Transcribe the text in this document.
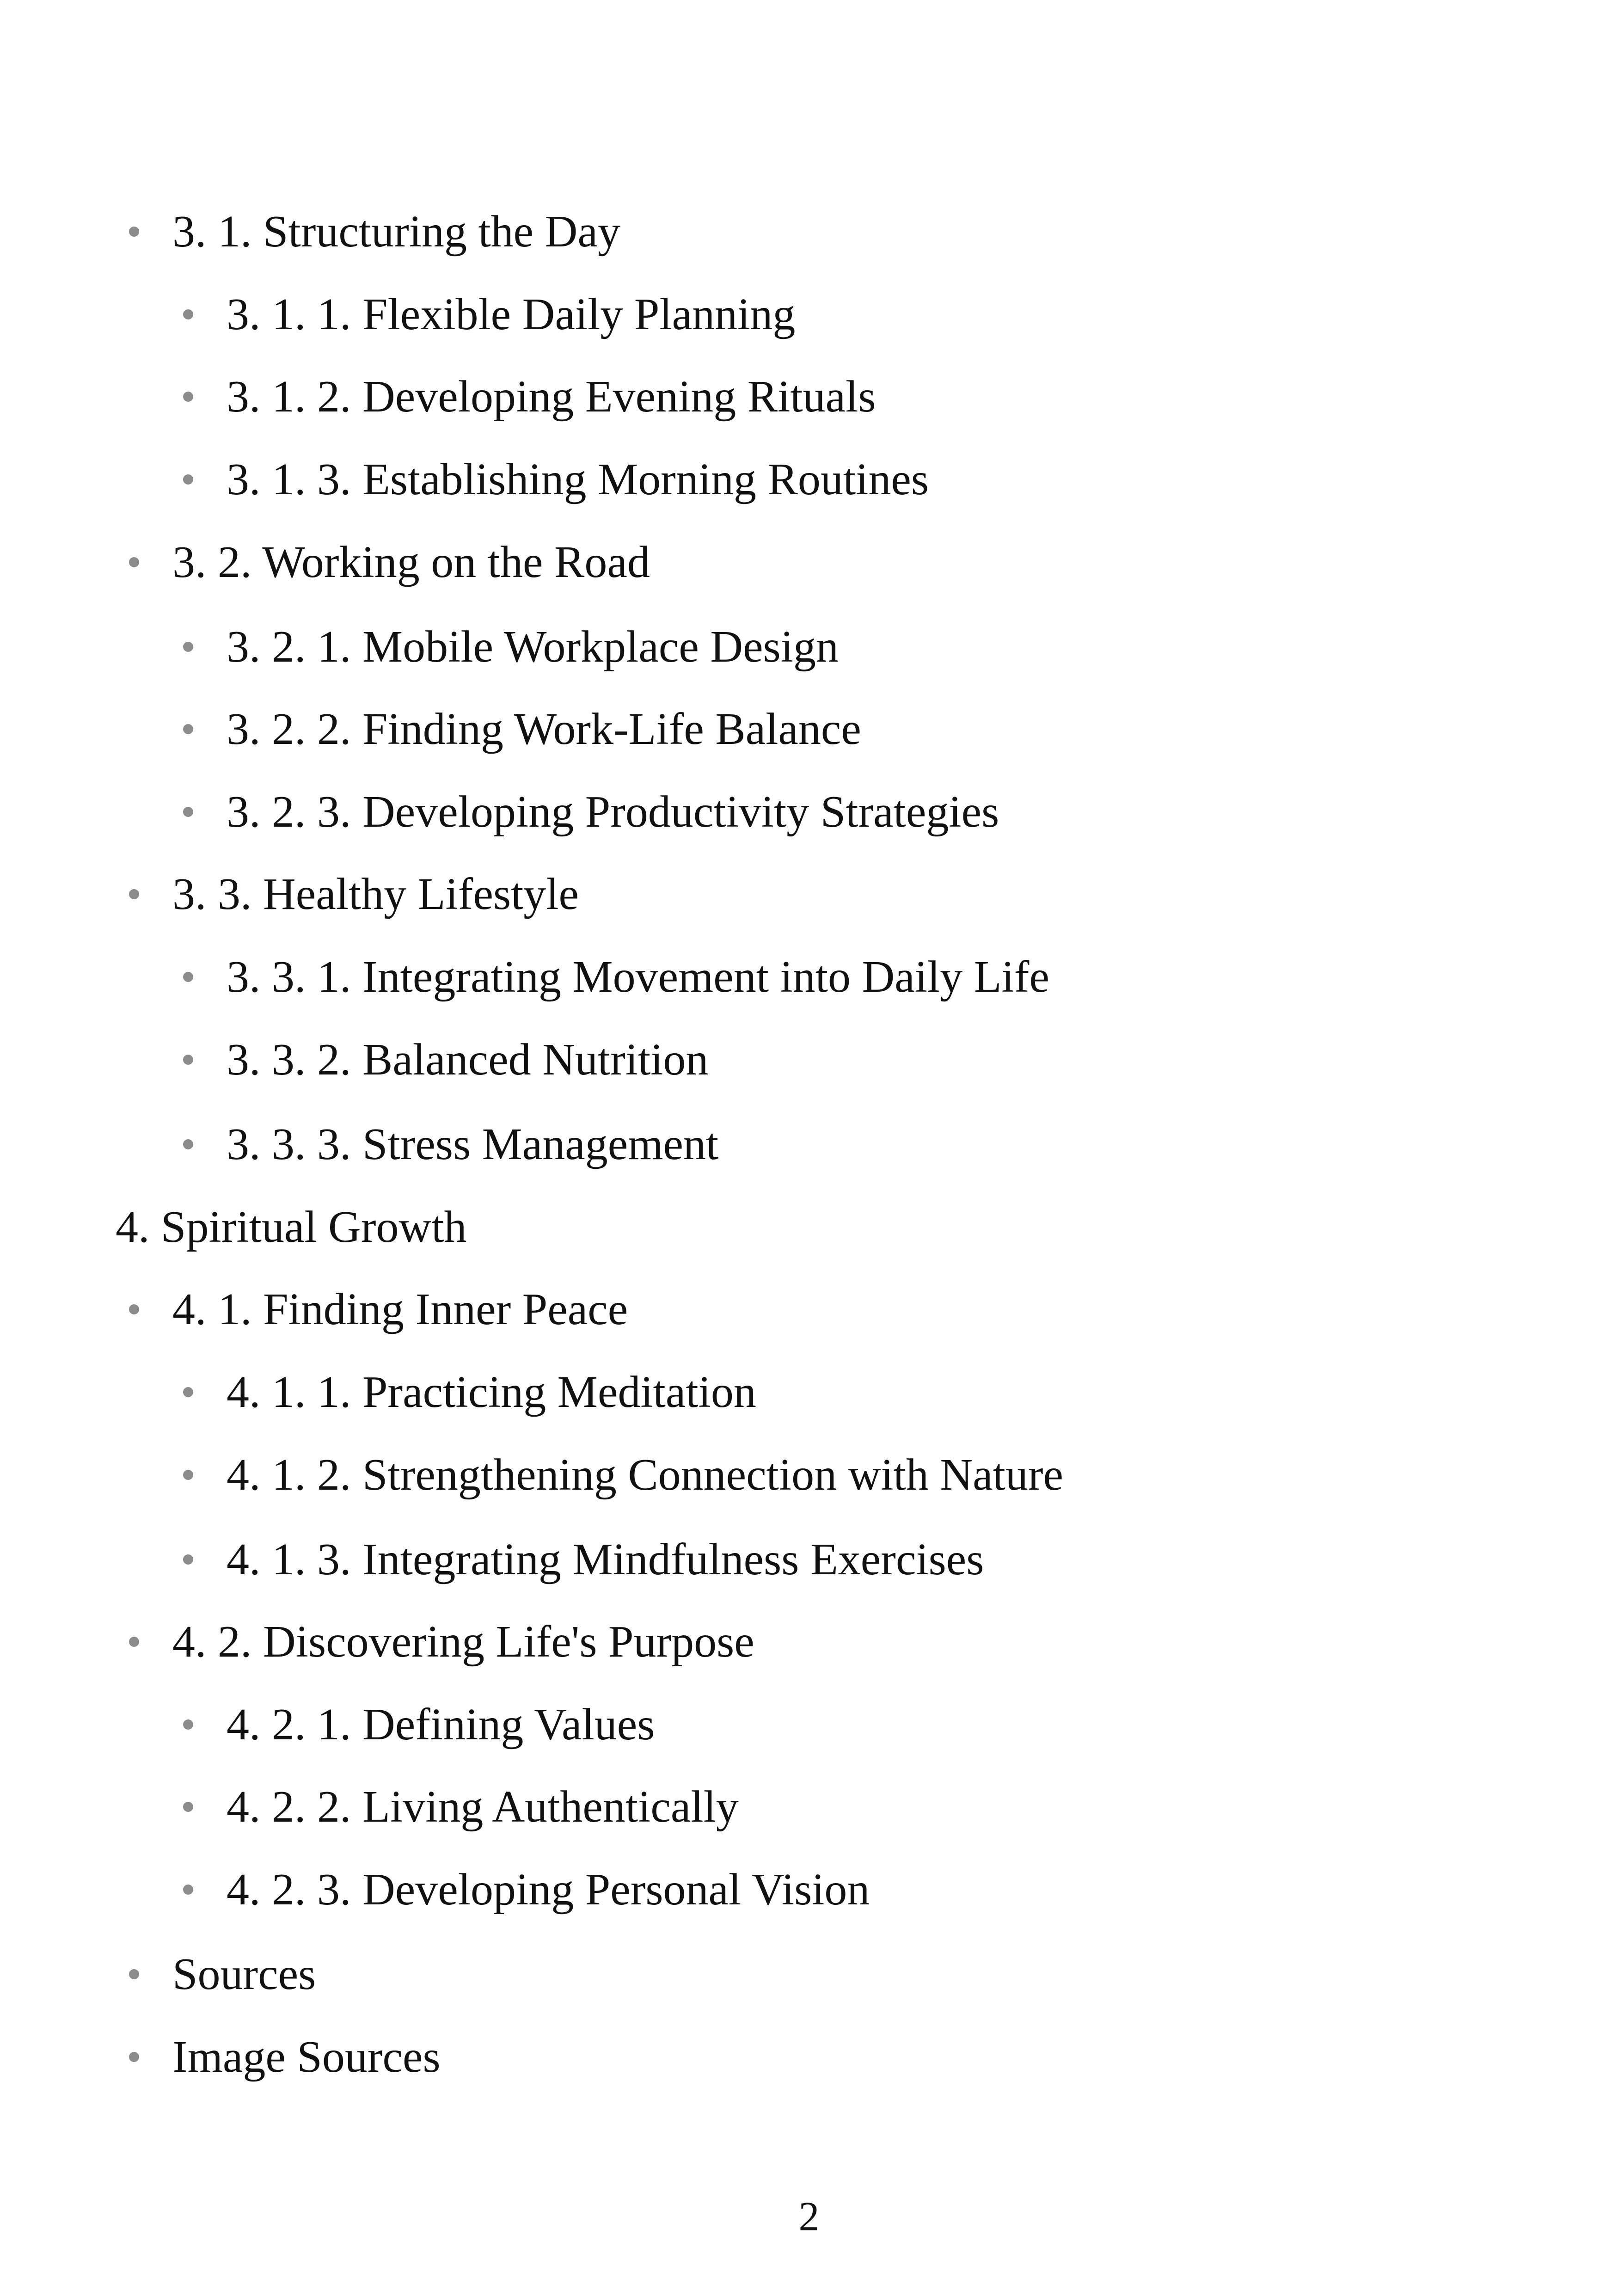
3. 1. Structuring the Day
3. 1. 1. Flexible Daily Planning
3. 1. 2. Developing Evening Rituals
3. 1. 3. Establishing Morning Routines
3. 2. Working on the Road
3. 2. 1. Mobile Workplace Design
3. 2. 2. Finding Work-Life Balance
3. 2. 3. Developing Productivity Strategies
3. 3. Healthy Lifestyle
3. 3. 1. Integrating Movement into Daily Life
3. 3. 2. Balanced Nutrition
3. 3. 3. Stress Management
4. Spiritual Growth
4. 1. Finding Inner Peace
4. 1. 1. Practicing Meditation
4. 1. 2. Strengthening Connection with Nature
4. 1. 3. Integrating Mindfulness Exercises
4. 2. Discovering Life's Purpose
4. 2. 1. Defining Values
4. 2. 2. Living Authentically
4. 2. 3. Developing Personal Vision
Sources
Image Sources
2
